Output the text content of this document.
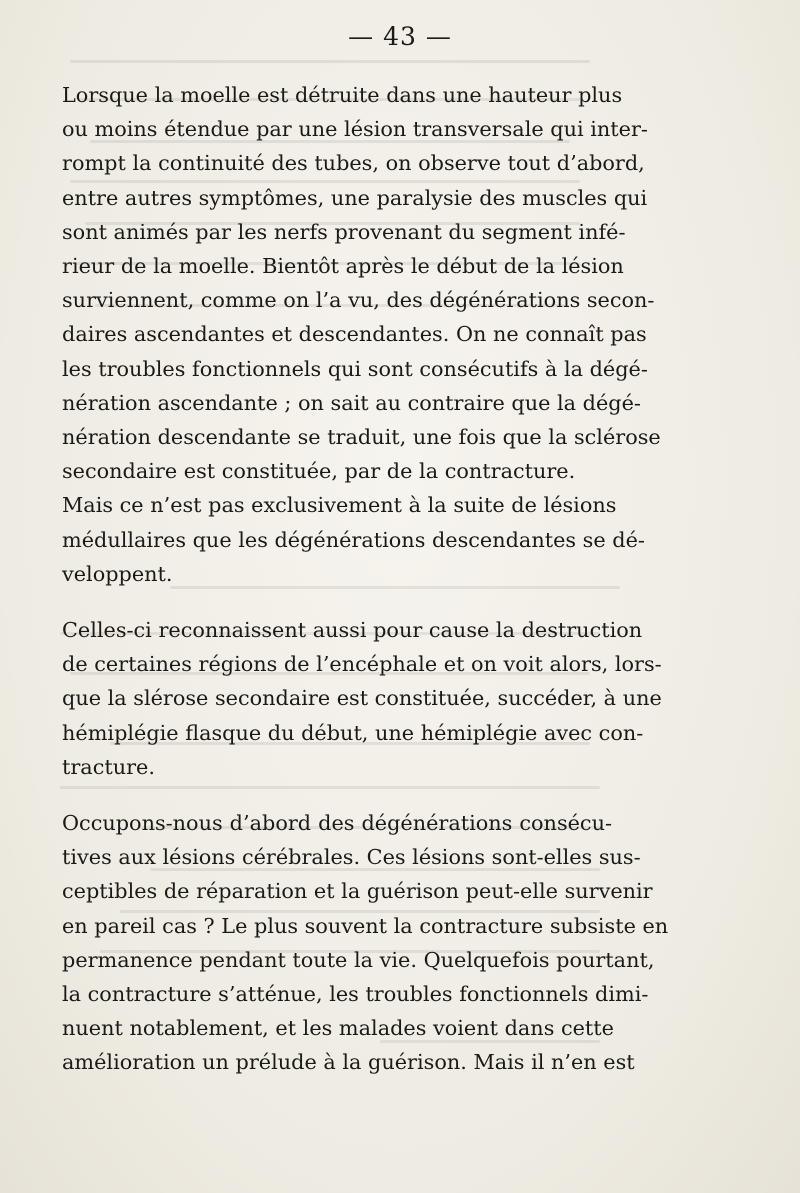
— 43 —
Lorsque la moelle est détruite dans une hauteur plus
ou moins étendue par une lésion transversale qui inter-
rompt la continuité des tubes, on observe tout d’abord,
entre autres symptômes, une paralysie des muscles qui
sont animés par les nerfs provenant du segment infé-
rieur de la moelle. Bientôt après le début de la lésion
surviennent, comme on l’a vu, des dégénérations secon-
daires ascendantes et descendantes. On ne connaît pas
les troubles fonctionnels qui sont consécutifs à la dégé-
nération ascendante ; on sait au contraire que la dégé-
nération descendante se traduit, une fois que la sclérose
secondaire est constituée, par de la contracture.
Mais ce n’est pas exclusivement à la suite de lésions
médullaires que les dégénérations descendantes se dé-
veloppent.
Celles-ci reconnaissent aussi pour cause la destruction
de certaines régions de l’encéphale et on voit alors, lors-
que la slérose secondaire est constituée, succéder, à une
hémiplégie flasque du début, une hémiplégie avec con-
tracture.
Occupons-nous d’abord des dégénérations consécu-
tives aux lésions cérébrales. Ces lésions sont-elles sus-
ceptibles de réparation et la guérison peut-elle survenir
en pareil cas ? Le plus souvent la contracture subsiste en
permanence pendant toute la vie. Quelquefois pourtant,
la contracture s’atténue, les troubles fonctionnels dimi-
nuent notablement, et les malades voient dans cette
amélioration un prélude à la guérison. Mais il n’en est
